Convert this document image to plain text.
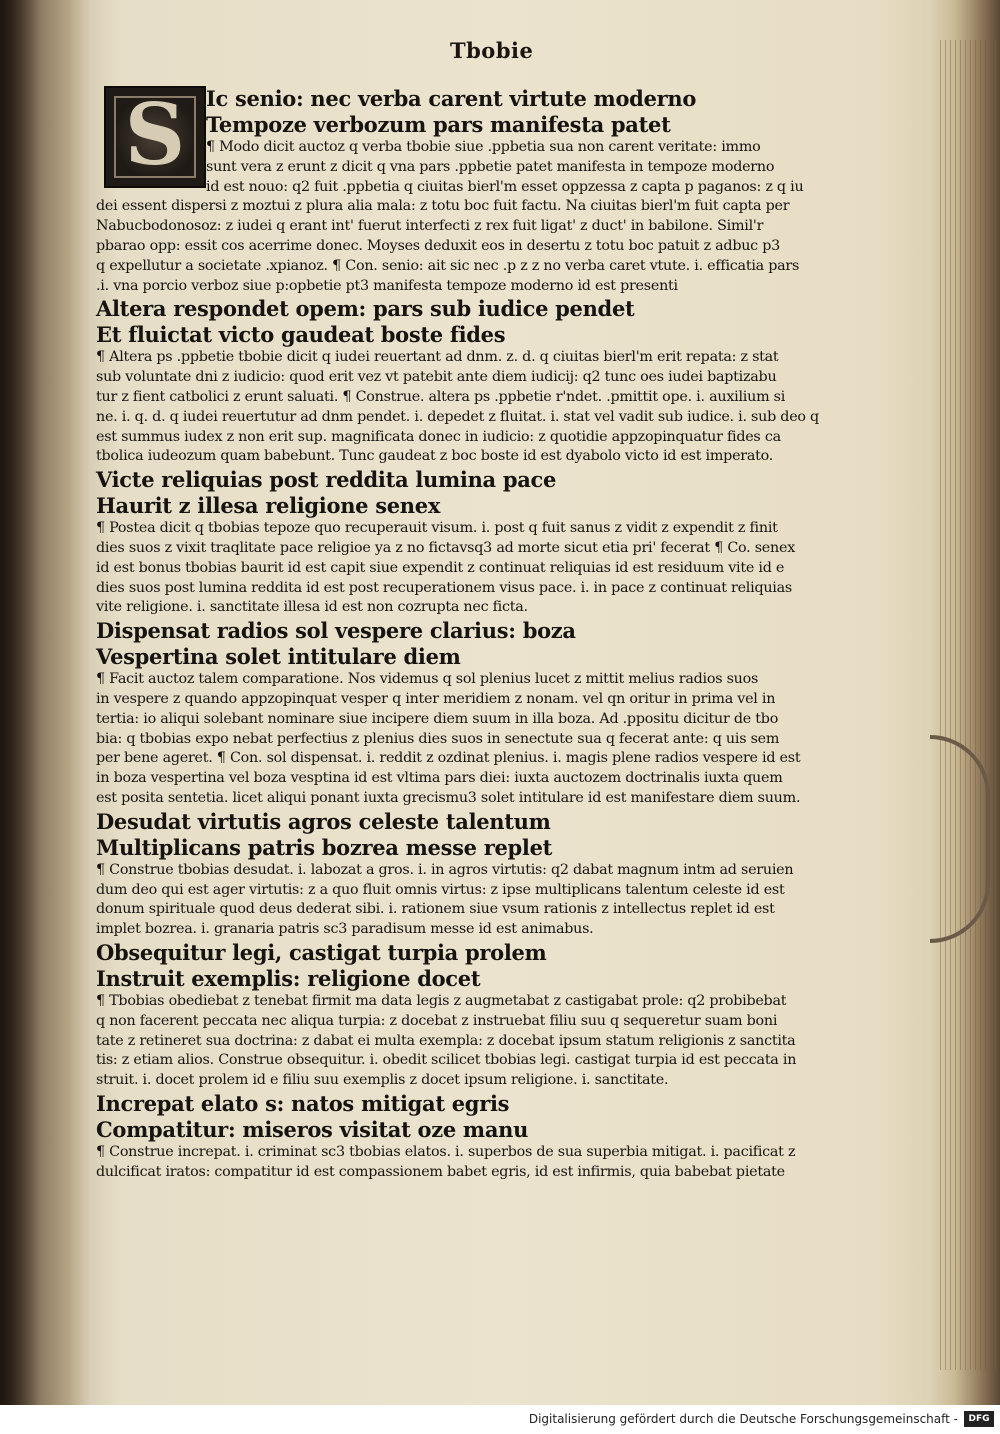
Tbobie
S Ic senio: nec verba carent virtute moderno
Tempoze verbozum pars manifesta patet
¶ Modo dicit auctoz q verba tbobie siue .ppbetia sua non carent veritate: immo
sunt vera z erunt z dicit q vna pars .ppbetie patet manifesta in tempoze moderno
id est nouo: q2 fuit .ppbetia q ciuitas bierl'm esset oppzessa z capta p paganos: z q iu
dei essent dispersi z moztui z plura alia mala: z totu boc fuit factu. Na ciuitas bierl'm fuit capta per
Nabucbodonosoz: z iudei q erant int' fuerut interfecti z rex fuit ligat' z duct' in babilone. Simil'r
pbarao opp: essit cos acerrime donec. Moyses deduxit eos in desertu z totu boc patuit z adbuc p3
q expellutur a societate .xpianoz. ¶ Con. senio: ait sic nec .p z z no verba caret vtute. i. efficatia pars
.i. vna porcio verboz siue p:opbetie pt3 manifesta tempoze moderno id est presenti
Altera respondet opem: pars sub iudice pendet
Et fluictat victo gaudeat boste fides
¶ Altera ps .ppbetie tbobie dicit q iudei reuertant ad dnm. z. d. q ciuitas bierl'm erit repata: z stat
sub voluntate dni z iudicio: quod erit vez vt patebit ante diem iudicij: q2 tunc oes iudei baptizabu
tur z fient catbolici z erunt saluati. ¶ Construe. altera ps .ppbetie r'ndet. .pmittit ope. i. auxilium si
ne. i. q. d. q iudei reuertutur ad dnm pendet. i. depedet z fluitat. i. stat vel vadit sub iudice. i. sub deo q
est summus iudex z non erit sup. magnificata donec in iudicio: z quotidie appzopinquatur fides ca
tbolica iudeozum quam babebunt. Tunc gaudeat z boc boste id est dyabolo victo id est imperato.
Victe reliquias post reddita lumina pace
Haurit z illesa religione senex
¶ Postea dicit q tbobias tepoze quo recuperauit visum. i. post q fuit sanus z vidit z expendit z finit
dies suos z vixit traqlitate pace religioe ya z no fictavsq3 ad morte sicut etia pri' fecerat ¶ Co. senex
id est bonus tbobias baurit id est capit siue expendit z continuat reliquias id est residuum vite id e
dies suos post lumina reddita id est post recuperationem visus pace. i. in pace z continuat reliquias
vite religione. i. sanctitate illesa id est non cozrupta nec ficta.
Dispensat radios sol vespere clarius: boza
Vespertina solet intitulare diem
¶ Facit auctoz talem comparatione. Nos videmus q sol plenius lucet z mittit melius radios suos
in vespere z quando appzopinquat vesper q inter meridiem z nonam. vel qn oritur in prima vel in
tertia: io aliqui solebant nominare siue incipere diem suum in illa boza. Ad .ppositu dicitur de tbo
bia: q tbobias expo nebat perfectius z plenius dies suos in senectute sua q fecerat ante: q uis sem
per bene ageret. ¶ Con. sol dispensat. i. reddit z ozdinat plenius. i. magis plene radios vespere id est
in boza vespertina vel boza vesptina id est vltima pars diei: iuxta auctozem doctrinalis iuxta quem
est posita sentetia. licet aliqui ponant iuxta grecismu3 solet intitulare id est manifestare diem suum.
Desudat virtutis agros celeste talentum
Multiplicans patris bozrea messe replet
¶ Construe tbobias desudat. i. labozat a gros. i. in agros virtutis: q2 dabat magnum intm ad seruien
dum deo qui est ager virtutis: z a quo fluit omnis virtus: z ipse multiplicans talentum celeste id est
donum spirituale quod deus dederat sibi. i. rationem siue vsum rationis z intellectus replet id est
implet bozrea. i. granaria patris sc3 paradisum messe id est animabus.
Obsequitur legi, castigat turpia prolem
Instruit exemplis: religione docet
¶ Tbobias obediebat z tenebat firmit ma data legis z augmetabat z castigabat prole: q2 probibebat
q non facerent peccata nec aliqua turpia: z docebat z instruebat filiu suu q sequeretur suam boni
tate z retineret sua doctrina: z dabat ei multa exempla: z docebat ipsum statum religionis z sanctita
tis: z etiam alios. Construe obsequitur. i. obedit scilicet tbobias legi. castigat turpia id est peccata in
struit. i. docet prolem id e filiu suu exemplis z docet ipsum religione. i. sanctitate.
Increpat elato s: natos mitigat egris
Compatitur: miseros visitat oze manu
¶ Construe increpat. i. criminat sc3 tbobias elatos. i. superbos de sua superbia mitigat. i. pacificat z
dulcificat iratos: compatitur id est compassionem babet egris, id est infirmis, quia babebat pietate
Digitalisierung gefördert durch die Deutsche Forschungsgemeinschaft -	DFG
